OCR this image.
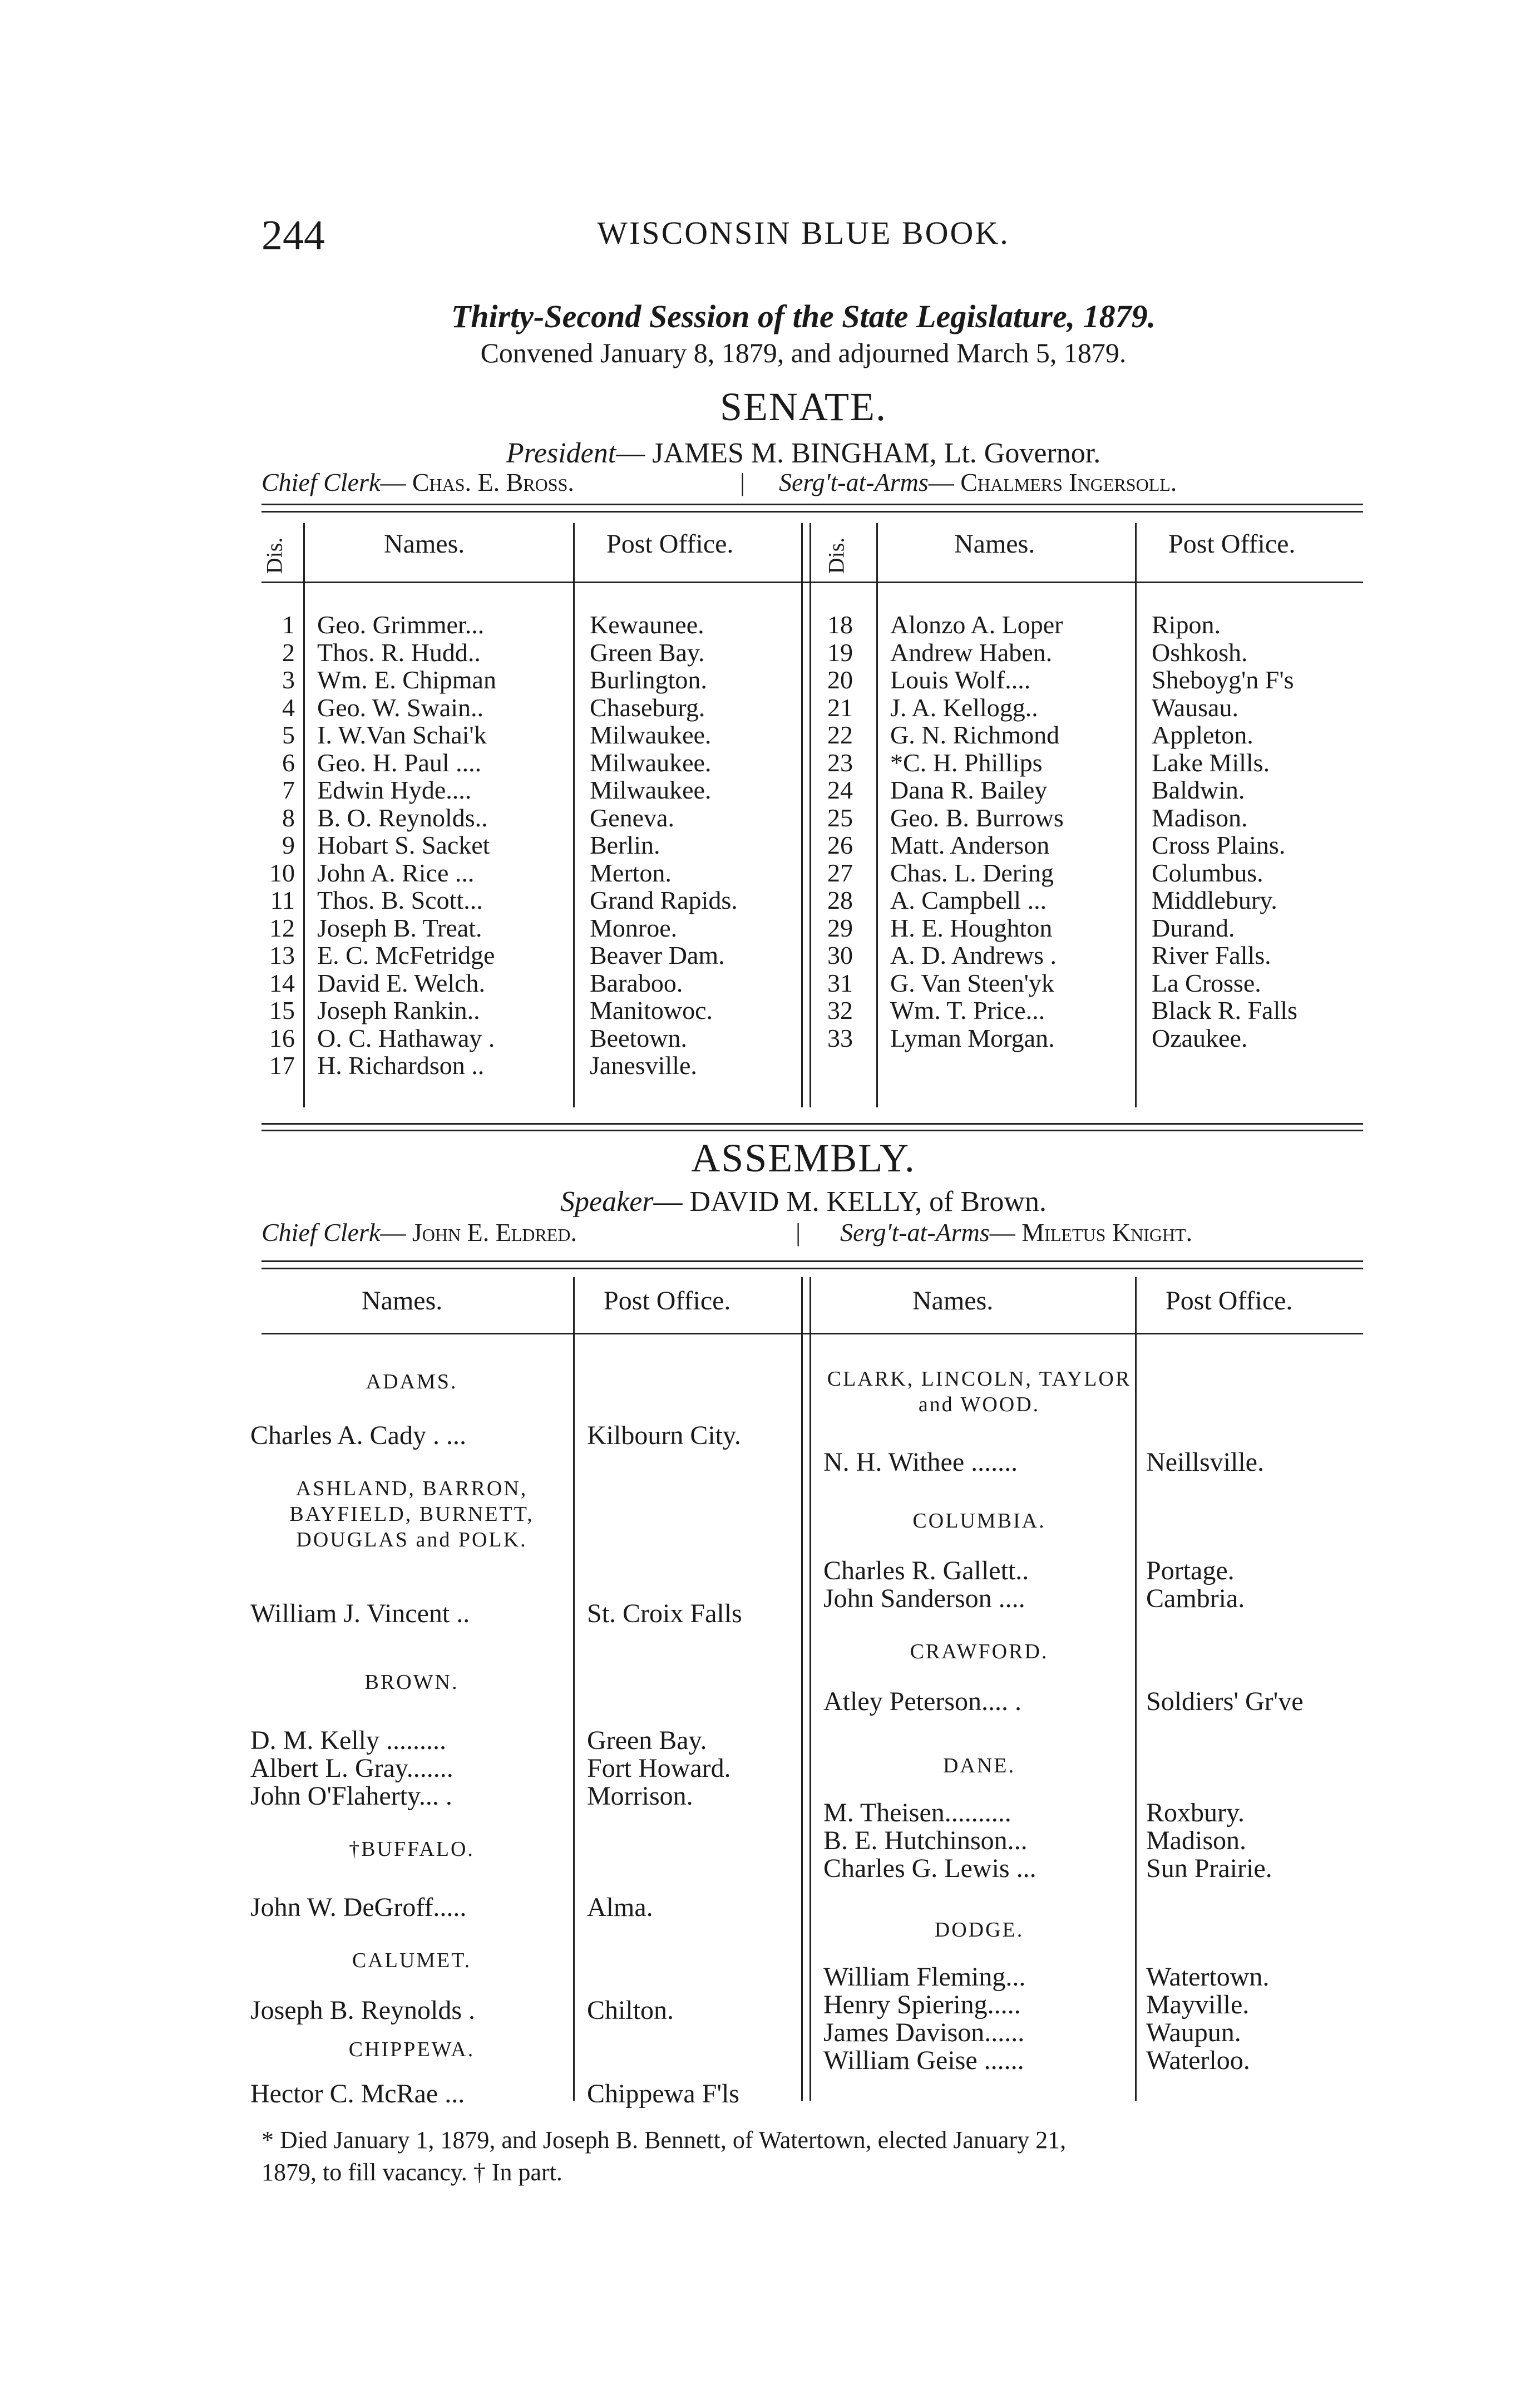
244	WISCONSIN BLUE BOOK.
Thirty-Second Session of the State Legislature, 1879.
Convened January 8, 1879, and adjourned March 5, 1879.
SENATE.
President— JAMES M. BINGHAM, Lt. Governor.
Chief Clerk— Chas. E. Bross.	| Serg't-at-Arms— Chalmers Ingersoll.
Dis.	Names.	Post Office.	Dis.	Names.	Post Office.
1 Geo. Grimmer...	Kewaunee.
2 Thos. R. Hudd..	Green Bay.
3 Wm. E. Chipman	Burlington.
4 Geo. W. Swain..	Chaseburg.
5 I. W.Van Schai'k	Milwaukee.
6 Geo. H. Paul ....	Milwaukee.
7 Edwin Hyde....	Milwaukee.
8 B. O. Reynolds..	Geneva.
9 Hobart S. Sacket	Berlin.
10 John A. Rice ...	Merton.
11 Thos. B. Scott...	Grand Rapids.
12 Joseph B. Treat.	Monroe.
13 E. C. McFetridge	Beaver Dam.
14 David E. Welch.	Baraboo.
15 Joseph Rankin..	Manitowoc.
16 O. C. Hathaway .	Beetown.
17 H. Richardson ..	Janesville.
18	Alonzo A. Loper	Ripon.
19	Andrew Haben.	Oshkosh.
20	Louis Wolf....	Sheboyg'n F's
21	J. A. Kellogg..	Wausau.
22	G. N. Richmond	Appleton.
23	*C. H. Phillips	Lake Mills.
24	Dana R. Bailey	Baldwin.
25	Geo. B. Burrows	Madison.
26	Matt. Anderson	Cross Plains.
27	Chas. L. Dering	Columbus.
28	A. Campbell ...	Middlebury.
29	H. E. Houghton	Durand.
30	A. D. Andrews .	River Falls.
31	G. Van Steen'yk	La Crosse.
32	Wm. T. Price...	Black R. Falls
33	Lyman Morgan.	Ozaukee.
ASSEMBLY.
Speaker— DAVID M. KELLY, of Brown.
Chief Clerk— John E. Eldred.	| Serg't-at-Arms— Mileтus Knight.
Names.	Post Office.	Names.	Post Office.
ADAMS.
Charles A. Cady . ...	Kilbourn City.
ASHLAND, BARRON, BAYFIELD, BURNETT, DOUGLAS and POLK.
William J. Vincent ..	St. Croix Falls
BROWN.
D. M. Kelly .........	Green Bay.
Albert L. Gray.......	Fort Howard.
John O'Flaherty... .	Morrison.
†BUFFALO.
John W. DeGroff.....	Alma.
CALUMET.
Joseph B. Reynolds .	Chilton.
CHIPPEWA.
Hector C. McRae ...	Chippewa F'ls
CLARK, LINCOLN, TAYLOR and WOOD.
N. H. Withee .......	Neillsville.
COLUMBIA.
Charles R. Gallett..	Portage.
John Sanderson ....	Cambria.
CRAWFORD.
Atley Peterson.... .	Soldiers' Gr've
DANE.
M. Theisen..........	Roxbury.
B. E. Hutchinson...	Madison.
Charles G. Lewis ...	Sun Prairie.
DODGE.
William Fleming...	Watertown.
Henry Spiering.....	Mayville.
James Davison......	Waupun.
William Geise ......	Waterloo.
* Died January 1, 1879, and Joseph B. Bennett, of Watertown, elected January 21,
1879, to fill vacancy. † In part.
